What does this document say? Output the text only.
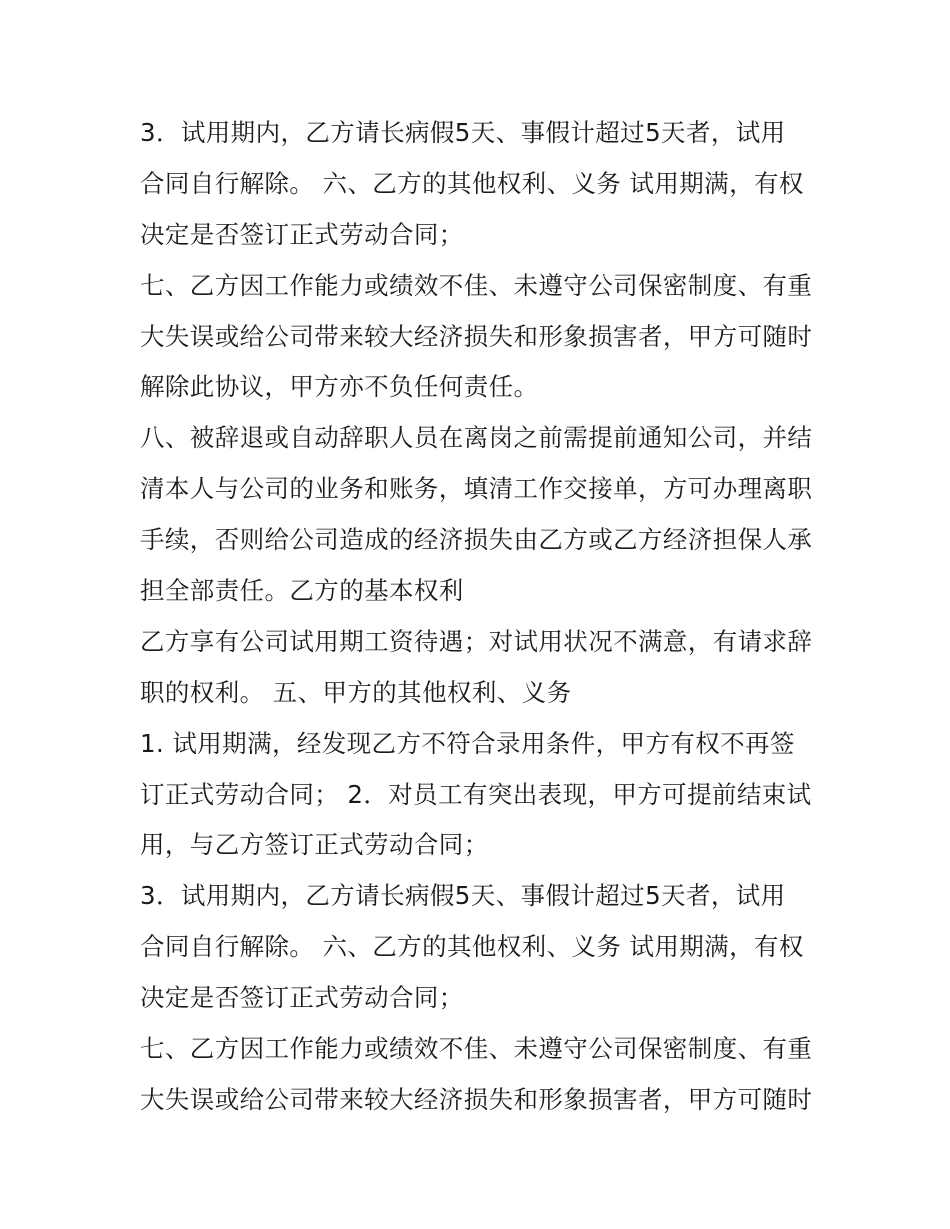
3．试用期内，乙方请长病假5天、事假计超过5天者，试用
合同自行解除。 六、乙方的其他权利、义务 试用期满，有权
决定是否签订正式劳动合同；
七、乙方因工作能力或绩效不佳、未遵守公司保密制度、有重
大失误或给公司带来较大经济损失和形象损害者，甲方可随时
解除此协议，甲方亦不负任何责任。
八、被辞退或自动辞职人员在离岗之前需提前通知公司，并结
清本人与公司的业务和账务，填清工作交接单，方可办理离职
手续，否则给公司造成的经济损失由乙方或乙方经济担保人承
担全部责任。乙方的基本权利
乙方享有公司试用期工资待遇；对试用状况不满意，有请求辞
职的权利。 五、甲方的其他权利、义务
1. 试用期满，经发现乙方不符合录用条件，甲方有权不再签
订正式劳动合同； 2．对员工有突出表现，甲方可提前结束试
用，与乙方签订正式劳动合同；
3．试用期内，乙方请长病假5天、事假计超过5天者，试用
合同自行解除。 六、乙方的其他权利、义务 试用期满，有权
决定是否签订正式劳动合同；
七、乙方因工作能力或绩效不佳、未遵守公司保密制度、有重
大失误或给公司带来较大经济损失和形象损害者，甲方可随时
